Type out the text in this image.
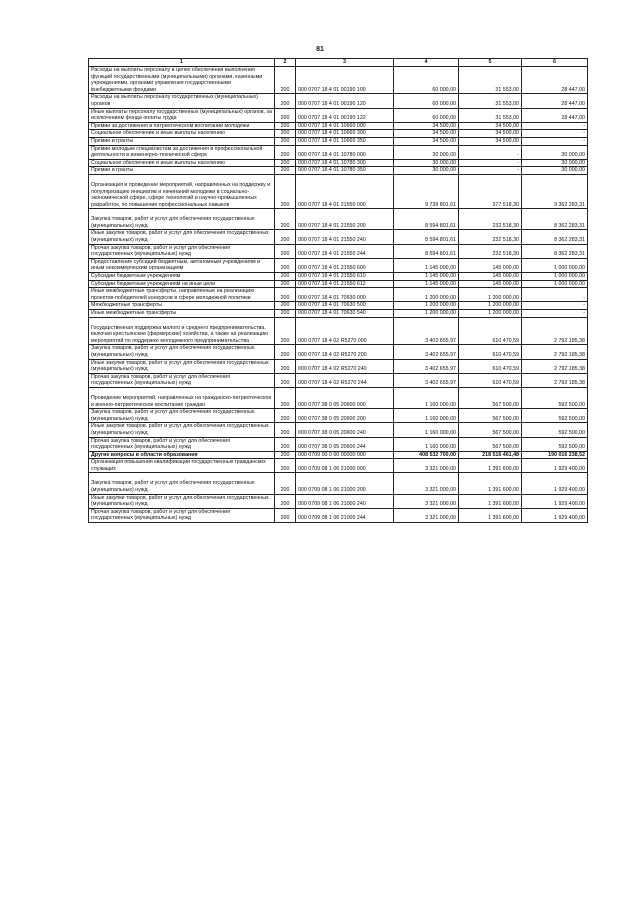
81
1	2	3	4	5	6
Расходы на выплаты персоналу в целях обеспечения выполнения функций государственными (муниципальными) органами, казенными учреждениями, органами управления государственными внебюджетными фондами	200	000 0707 18 4 01 00190 100	60 000,00	31 553,00	28 447,00
Расходы на выплаты персоналу государственных (муниципальных) органов	200	000 0707 18 4 01 00190 120	60 000,00	31 553,00	28 447,00
Иные выплаты персоналу государственных (муниципальных) органов, за исключением фонда оплаты труда	200	000 0707 18 4 01 00190 122	60 000,00	31 553,00	28 447,00
Премии за достижения в патриотическом воспитании молодежи	200	000 0707 18 4 01 10660 000	34 500,00	34 500,00	-
Социальное обеспечение и иные выплаты населению	200	000 0707 18 4 01 10660 300	34 500,00	34 500,00	-
Премии и гранты	200	000 0707 18 4 01 10660 350	34 500,00	34 500,00	-
Премии молодым специалистам за достижения в профессиональной деятельности в инженерно-технической сфере	200	000 0707 18 4 01 10780 000	30 000,00	-	30 000,00
Социальное обеспечение и иные выплаты населению	200	000 0707 18 4 01 10780 300	30 000,00	-	30 000,00
Премии и гранты	200	000 0707 18 4 01 10780 350	30 000,00	-	30 000,00
Организация и проведение мероприятий, направленных на поддержку и популяризацию инициатив и начинаний молодежи в социально-экономической сфере, сфере технологий и научно-промышленных разработок, по повышение профессиональных навыков	200	000 0707 18 4 01 21550 000	9 739 801,61	377 518,30	9 362 283,31
Закупка товаров, работ и услуг для обеспечения государственных (муниципальных) нужд	200	000 0707 18 4 01 21550 200	8 594 801,61	232 518,30	8 362 283,31
Иные закупки товаров, работ и услуг для обеспечения государственных (муниципальных) нужд	200	000 0707 18 4 01 21550 240	8 594 801,61	232 518,30	8 362 283,31
Прочая закупка товаров, работ и услуг для обеспечения государственных (муниципальных) нужд	200	000 0707 18 4 01 21550 244	8 594 801,61	232 518,30	8 362 283,31
Предоставление субсидий бюджетным, автономным учреждениям и иным некоммерческим организациям	200	000 0707 18 4 01 21550 600	1 145 000,00	145 000,00	1 000 000,00
Субсидии бюджетным учреждениям	200	000 0707 18 4 01 21550 610	1 145 000,00	145 000,00	1 000 000,00
Субсидии бюджетным учреждениям на иные цели	200	000 0707 18 4 01 21550 612	1 145 000,00	145 000,00	1 000 000,00
Иные межбюджетные трансферты, направленные на реализацию проектов-победителей конкурсов в сфере молодежной политики	200	000 0707 18 4 01 70630 000	1 200 000,00	1 200 000,00	-
Межбюджетные трансферты	200	000 0707 18 4 01 70630 500	1 200 000,00	1 200 000,00	-
Иные межбюджетные трансферты	200	000 0707 18 4 01 70630 540	1 200 000,00	1 200 000,00	-
Государственная поддержка малого и среднего предпринимательства, включая крестьянские (фермерские) хозяйства, а также на реализацию мероприятий по поддержке молодежного предпринимательства	200	000 0707 18 4 02 R5270 000	3 402 655,97	610 470,59	2 792 185,38
Закупка товаров, работ и услуг для обеспечения государственных (муниципальных) нужд	200	000 0707 18 4 02 R5270 200	3 402 655,97	610 470,59	2 792 185,38
Иные закупки товаров, работ и услуг для обеспечения государственных (муниципальных) нужд	200	000 0707 18 4 02 R5270 240	3 402 655,97	610 470,59	2 792 185,38
Прочая закупка товаров, работ и услуг для обеспечения государственных (муниципальных) нужд	200	000 0707 18 4 02 R5270 244	3 402 655,97	610 470,59	2 792 185,38
Проведение мероприятий, направленных на гражданско-патриотическое и военно-патриотическое воспитание граждан	200	000 0707 38 0 05 20600 000	1 160 000,00	567 500,00	592 500,00
Закупка товаров, работ и услуг для обеспечения государственных (муниципальных) нужд	200	000 0707 38 0 05 20600 200	1 160 000,00	567 500,00	592 500,00
Иные закупки товаров, работ и услуг для обеспечения государственных (муниципальных) нужд	200	000 0707 38 0 05 20600 240	1 160 000,00	567 500,00	592 500,00
Прочая закупка товаров, работ и услуг для обеспечения государственных (муниципальных) нужд	200	000 0707 38 0 05 20600 244	1 160 000,00	567 500,00	592 500,00
Другие вопросы в области образования	200	000 0709 00 0 00 00000 000	408 532 700,00	218 516 461,48	190 016 238,52
Организация повышения квалификации государственных гражданских служащих	200	000 0709 08 1 06 21000 000	3 321 000,00	1 391 600,00	1 929 400,00
Закупка товаров, работ и услуг для обеспечения государственных (муниципальных) нужд	200	000 0709 08 1 06 21000 200	3 321 000,00	1 391 600,00	1 929 400,00
Иные закупки товаров, работ и услуг для обеспечения государственных (муниципальных) нужд	200	000 0709 08 1 06 21000 240	3 321 000,00	1 391 600,00	1 929 400,00
Прочая закупка товаров, работ и услуг для обеспечения государственных (муниципальных) нужд	200	000 0709 08 1 06 21000 244	3 321 000,00	1 391 600,00	1 929 400,00
